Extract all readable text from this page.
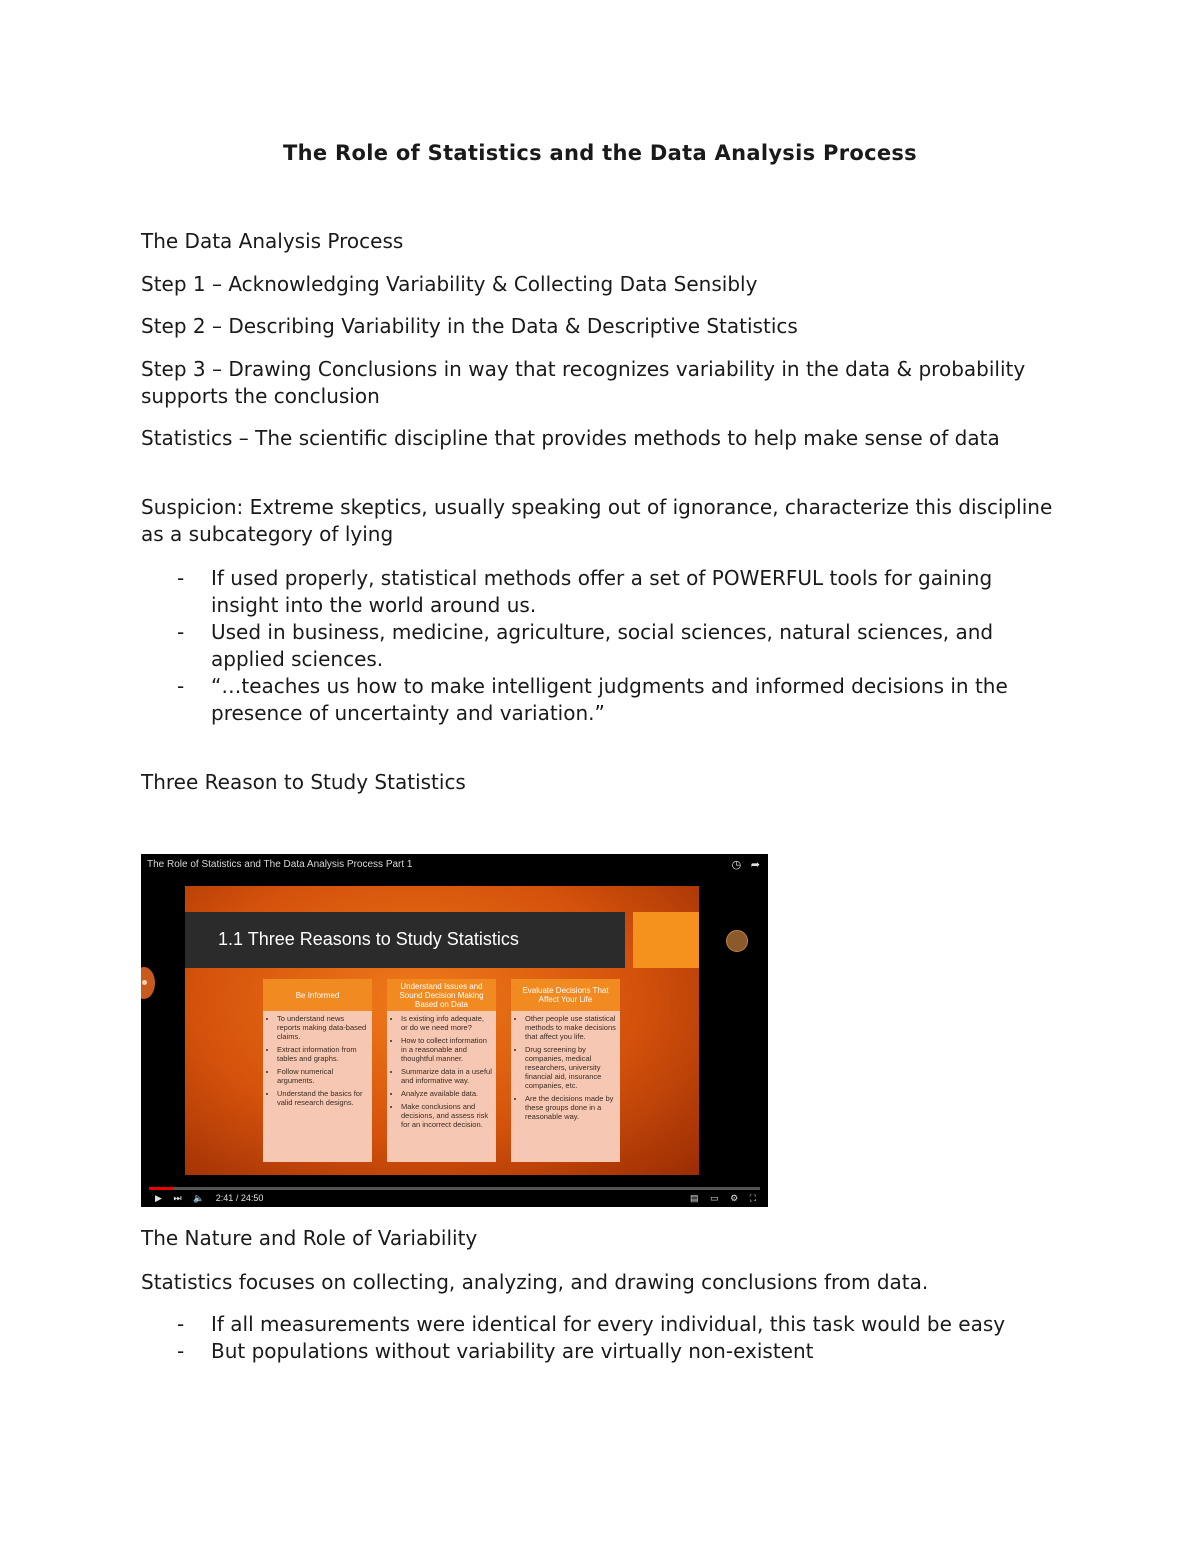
The Role of Statistics and the Data Analysis Process

The Data Analysis Process

Step 1 – Acknowledging Variability & Collecting Data Sensibly

Step 2 – Describing Variability in the Data & Descriptive Statistics

Step 3 – Drawing Conclusions in way that recognizes variability in the data & probability supports the conclusion

Statistics – The scientific discipline that provides methods to help make sense of data

Suspicion: Extreme skeptics, usually speaking out of ignorance, characterize this discipline as a subcategory of lying

- If used properly, statistical methods offer a set of POWERFUL tools for gaining insight into the world around us.
- Used in business, medicine, agriculture, social sciences, natural sciences, and applied sciences.
- “…teaches us how to make intelligent judgments and informed decisions in the presence of uncertainty and variation.”

Three Reason to Study Statistics

The Role of Statistics and The Data Analysis Process Part 1	◷ ➦
1.1 Three Reasons to Study Statistics
Be Informed
• To understand news reports making data-based claims.
• Extract information from tables and graphs.
• Follow numerical arguments.
• Understand the basics for valid research designs.
Understand Issues and Sound Decision Making Based on Data
• Is existing info adequate, or do we need more?
• How to collect information in a reasonable and thoughtful manner.
• Summarize data in a useful and informative way.
• Analyze available data.
• Make conclusions and decisions, and assess risk for an incorrect decision.
Evaluate Decisions That Affect Your Life
• Other people use statistical methods to make decisions that affect you life.
• Drug screening by companies, medical researchers, university financial aid, insurance companies, etc.
• Are the decisions made by these groups done in a reasonable way.
▶ ⏭ 🔈 2:41 / 24:50	▤ ▭ ⚙ ⛶

The Nature and Role of Variability

Statistics focuses on collecting, analyzing, and drawing conclusions from data.

- If all measurements were identical for every individual, this task would be easy
- But populations without variability are virtually non-existent
